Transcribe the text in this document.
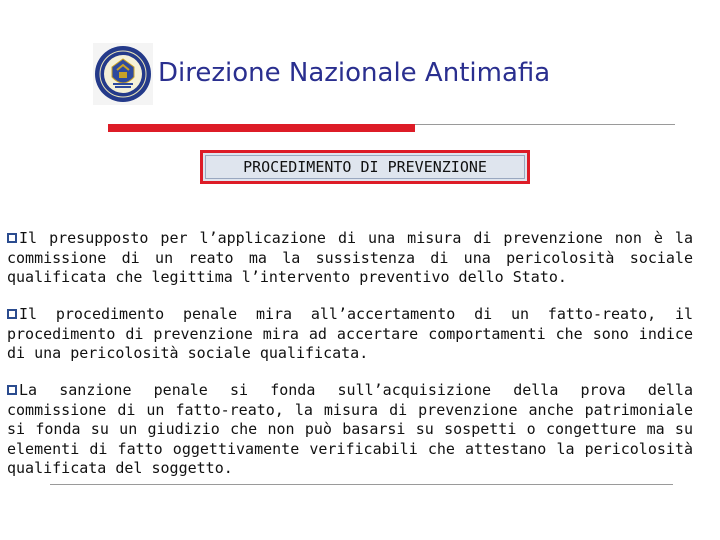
Direzione Nazionale Antimafia
PROCEDIMENTO DI PREVENZIONE
Il presupposto per l’applicazione di una misura di prevenzione non è la commissione di un reato ma la sussistenza di una pericolosità sociale qualificata che legittima l’intervento preventivo dello Stato.
Il procedimento penale mira all’accertamento di un fatto-reato, il procedimento di prevenzione mira ad accertare comportamenti che sono indice di una pericolosità sociale qualificata.
La sanzione penale si fonda sull’acquisizione della prova della commissione di un fatto-reato, la misura di prevenzione anche patrimoniale si fonda su un giudizio che non può basarsi su sospetti o congetture ma su elementi di fatto oggettivamente verificabili che attestano la pericolosità qualificata del soggetto.
